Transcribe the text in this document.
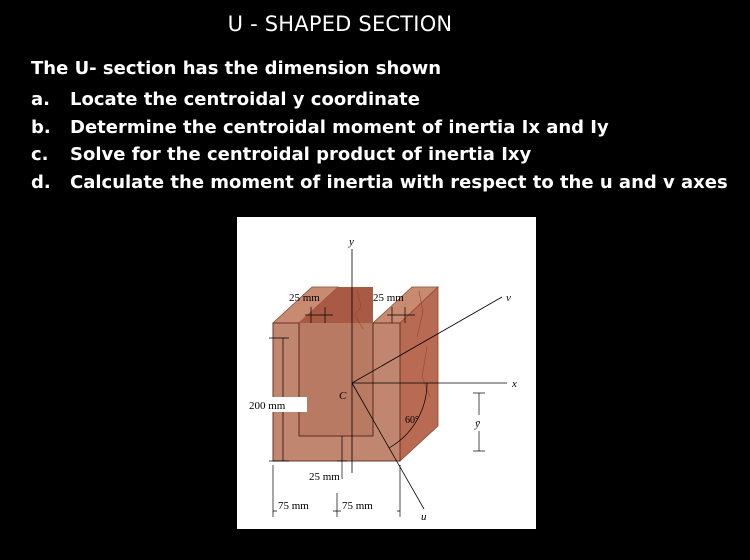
U - SHAPED SECTION
The U- section has the dimension shown
a. Locate the centroidal y coordinate
b. Determine the centroidal moment of inertia Ix and Iy
c. Solve for the centroidal product of inertia Ixy
d. Calculate the moment of inertia with respect to the u and v axes
y
x
v
u
C
60°	ȳ
200 mm
25 mm	25 mm
25 mm
75 mm	75 mm
